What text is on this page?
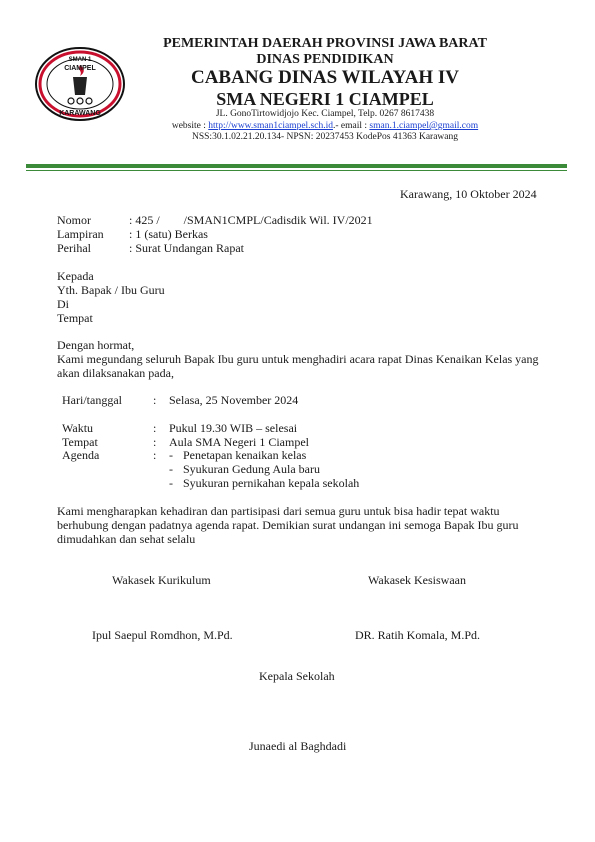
SMAN 1
CIAMPEL
KARAWANG
PEMERINTAH DAERAH PROVINSI JAWA BARAT
DINAS PENDIDIKAN
CABANG DINAS WILAYAH IV
SMA NEGERI 1 CIAMPEL
JL. GonoTirtowidjojo Kec. Ciampel, Telp. 0267 8617438
website : http://www.sman1ciampel.sch.id.- email : sman.1.ciampel@gmail.com
NSS:30.1.02.21.20.134- NPSN: 20237453 KodePos 41363 Karawang
Karawang, 10 Oktober 2024
Nomor	: 425 /        /SMAN1CMPL/Cadisdik Wil. IV/2021
Lampiran : 1 (satu) Berkas
Perihal	: Surat Undangan Rapat
Kepada
Yth. Bapak / Ibu Guru
Di
Tempat
Dengan hormat,
Kami megundang seluruh Bapak Ibu guru untuk menghadiri acara rapat Dinas Kenaikan Kelas yang
akan dilaksanakan pada,
Hari/tanggal	: Selasa, 25 November 2024
Waktu	: Pukul 19.30 WIB – selesai
Tempat	: Aula SMA Negeri 1 Ciampel
Agenda	: - Penetapan kenaikan kelas
- Syukuran Gedung Aula baru
- Syukuran pernikahan kepala sekolah
Kami mengharapkan kehadiran dan partisipasi dari semua guru untuk bisa hadir tepat waktu
berhubung dengan padatnya agenda rapat. Demikian surat undangan ini semoga Bapak Ibu guru
dimudahkan dan sehat selalu
Wakasek Kurikulum	Wakasek Kesiswaan
Ipul Saepul Romdhon, M.Pd.	DR. Ratih Komala, M.Pd.
Kepala Sekolah
Junaedi al Baghdadi
